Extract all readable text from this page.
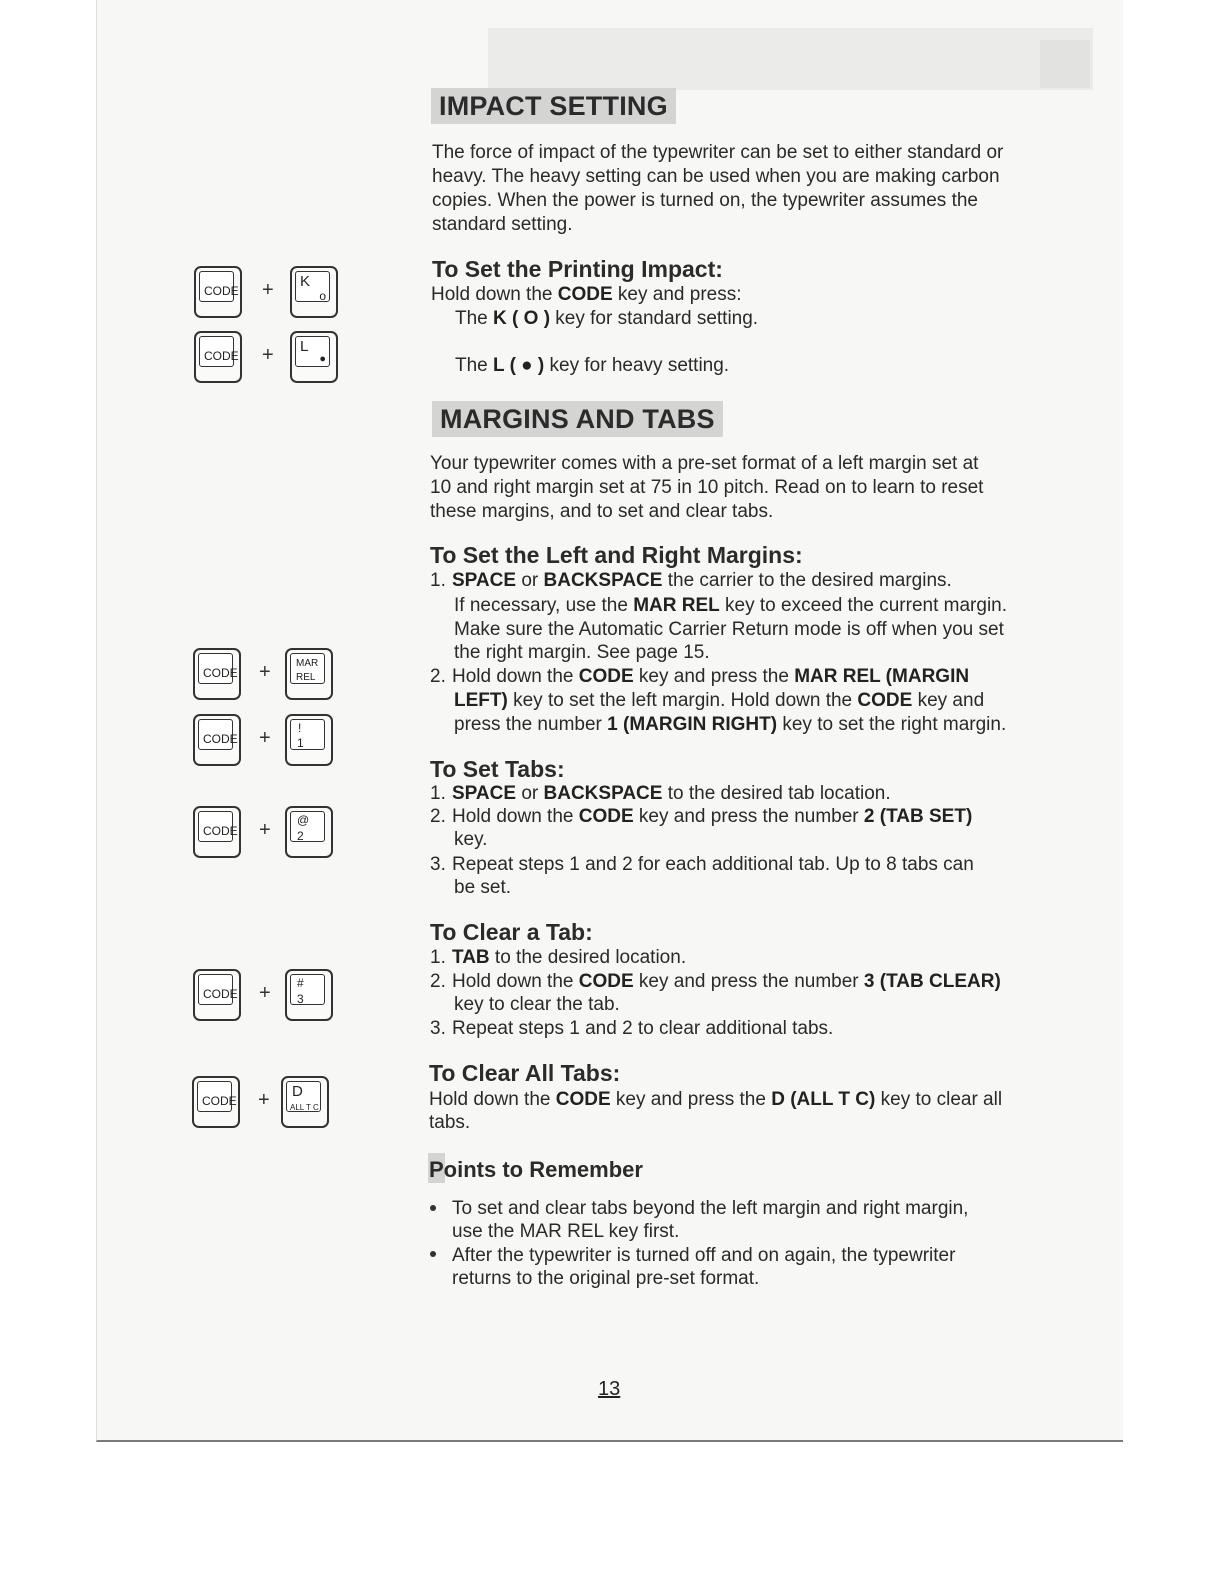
IMPACT SETTING
The force of impact of the typewriter can be set to either standard or
heavy. The heavy setting can be used when you are making carbon
copies. When the power is turned on, the typewriter assumes the
standard setting.
To Set the Printing Impact:
Hold down the CODE key and press:
The K ( O ) key for standard setting.
The L ( ● ) key for heavy setting.
MARGINS AND TABS
Your typewriter comes with a pre-set format of a left margin set at
10 and right margin set at 75 in 10 pitch. Read on to learn to reset
these margins, and to set and clear tabs.
To Set the Left and Right Margins:
1. SPACE or BACKSPACE the carrier to the desired margins.
If necessary, use the MAR REL key to exceed the current margin.
Make sure the Automatic Carrier Return mode is off when you set
the right margin. See page 15.
2. Hold down the CODE key and press the MAR REL (MARGIN
LEFT) key to set the left margin. Hold down the CODE key and
press the number 1 (MARGIN RIGHT) key to set the right margin.
To Set Tabs:
1. SPACE or BACKSPACE to the desired tab location.
2. Hold down the CODE key and press the number 2 (TAB SET)
key.
3. Repeat steps 1 and 2 for each additional tab. Up to 8 tabs can
be set.
To Clear a Tab:
1. TAB to the desired location.
2. Hold down the CODE key and press the number 3 (TAB CLEAR)
key to clear the tab.
3. Repeat steps 1 and 2 to clear additional tabs.
To Clear All Tabs:
Hold down the CODE key and press the D (ALL T C) key to clear all
tabs.
Points to Remember
To set and clear tabs beyond the left margin and right margin,
use the MAR REL key first.
After the typewriter is turned off and on again, the typewriter
returns to the original pre-set format.
13
CODE + K
o
CODE + L
●
CODE +	MAR
REL
CODE + !
1
CODE + @
2
CODE + #
3
CODE + D
ALL T C
